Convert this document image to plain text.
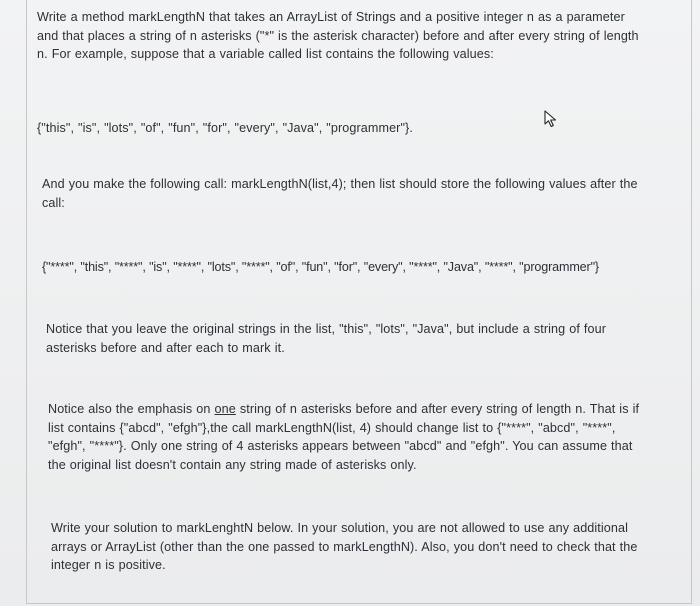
Write a method markLengthN that takes an ArrayList of Strings and a positive integer n as a parameter and that places a string of n asterisks ("*" is the asterisk character) before and after every string of length n. For example, suppose that a variable called list contains the following values:
{"this", "is", "lots", "of", "fun", "for", "every", "Java", "programmer"}.
And you make the following call: markLengthN(list,4); then list should store the following values after the call:
{"****", "this", "****", "is", "****", "lots", "****", "of", "fun", "for", "every", "****", "Java", "****", "programmer"}
Notice that you leave the original strings in the list, "this", "lots", "Java", but include a string of four asterisks before and after each to mark it.
Notice also the emphasis on one string of n asterisks before and after every string of length n. That is if list contains {"abcd", "efgh"},the call markLengthN(list, 4) should change list to {"****", "abcd", "****", "efgh", "****"}. Only one string of 4 asterisks appears between "abcd" and "efgh". You can assume that the original list doesn't contain any string made of asterisks only.
Write your solution to markLenghtN below. In your solution, you are not allowed to use any additional arrays or ArrayList (other than the one passed to markLengthN). Also, you don't need to check that the integer n is positive.
